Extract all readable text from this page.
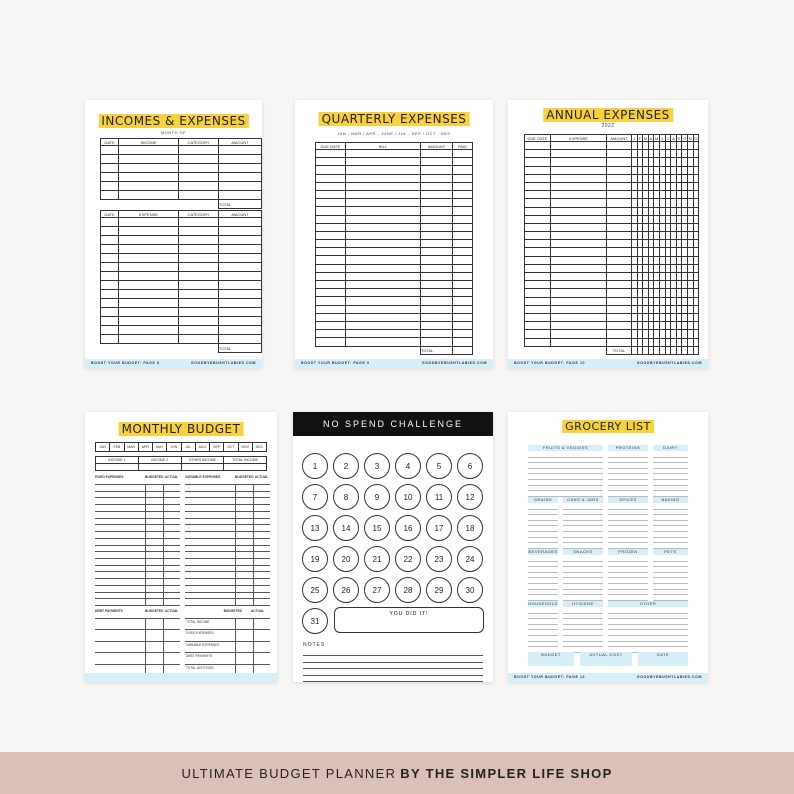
INCOMES & EXPENSES
MONTH OF
DATE	INCOME	CATEGORY	AMOUNT

			TOTAL
DATE	EXPENSE	CATEGORY	AMOUNT

			TOTAL
BOOST YOUR BUDGET: PAGE 8	GOODBYEBUSHTLABIES.COM
QUARTERLY EXPENSES
JAN - MAR / APR - JUNE / JUL - SEP / OCT - DEC
DUE DATE	BILL	AMOUNT	PAID

		TOTAL	
BOOST YOUR BUDGET: PAGE 9	GOODBYEBUSHTLABIES.COM
ANNUAL EXPENSES
2022
DUE DATE	EXPENSE	AMOUNT	J	F	M	A	M	J	J	A	S	O	N	D

		TOTAL												
BOOST YOUR BUDGET: PAGE 10	GOODBYEBUSHTLABIES.COM
MONTHLY BUDGET
JAN	FEB	MAR	APR	MAY	JUN	JUL	AUG	SEP	OCT	NOV	DEC
INCOME 1	INCOME 2	OTHER INCOME	TOTAL INCOME

FIXED EXPENSES	BUDGETED ACTUAL	VARIABLE EXPENSES	BUDGETED ACTUAL
DEBT PAYMENTS	BUDGETED ACTUAL	BUDGETED	ACTUAL
TOTAL INCOME
FIXED EXPENSES
VARIABLE EXPENSES
DEBT PAYMENTS
TOTAL LEFTOVER
NO SPEND CHALLENGE
1	2	3	4	5	6
7	8	9	10	11	12
13	14	15	16	17	18
19	20	21	22	23	24
25	26	27	28	29	30
31
YOU DID IT!
NOTES
GROCERY LIST
FRUITS & VEGGIES	PROTEINS	DAIRY
GRAINS	CANS & JARS	SPICES	BAKING
BEVERAGES	SNACKS	FROZEN	PETS
HOUSEHOLD	HYGIENE	OTHER
BUDGET	ACTUAL COST	DATE
BOOST YOUR BUDGET: PAGE 14	GOODBYEBUSHTLABIES.COM
ULTIMATE BUDGET PLANNER BY THE SIMPLER LIFE SHOP
